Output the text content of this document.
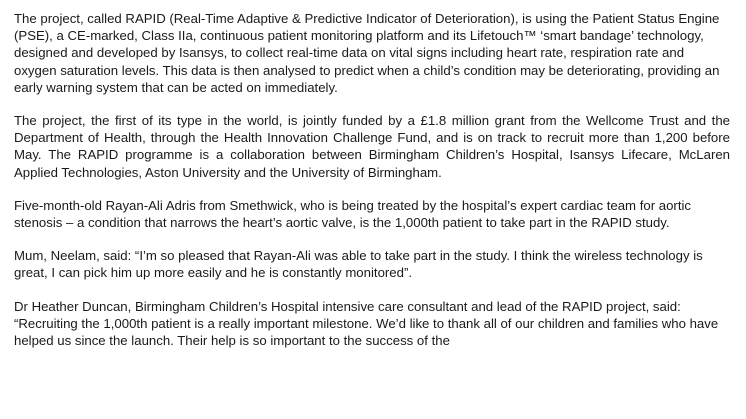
The project, called RAPID (Real-Time Adaptive & Predictive Indicator of Deterioration), is using the Patient Status Engine (PSE), a CE-marked, Class IIa, continuous patient monitoring platform and its Lifetouch™ ‘smart bandage’ technology, designed and developed by Isansys, to collect real-time data on vital signs including heart rate, respiration rate and oxygen saturation levels. This data is then analysed to predict when a child’s condition may be deteriorating, providing an early warning system that can be acted on immediately.

The project, the first of its type in the world, is jointly funded by a £1.8 million grant from the Wellcome Trust and the Department of Health, through the Health Innovation Challenge Fund, and is on track to recruit more than 1,200 before May. The RAPID programme is a collaboration between Birmingham Children’s Hospital, Isansys Lifecare, McLaren Applied Technologies, Aston University and the University of Birmingham.

Five-month-old Rayan-Ali Adris from Smethwick, who is being treated by the hospital’s expert cardiac team for aortic stenosis – a condition that narrows the heart’s aortic valve, is the 1,000th patient to take part in the RAPID study.

Mum, Neelam, said: “I’m so pleased that Rayan-Ali was able to take part in the study. I think the wireless technology is great, I can pick him up more easily and he is constantly monitored”.

Dr Heather Duncan, Birmingham Children’s Hospital intensive care consultant and lead of the RAPID project, said: “Recruiting the 1,000th patient is a really important milestone. We’d like to thank all of our children and families who have helped us since the launch. Their help is so important to the success of the
